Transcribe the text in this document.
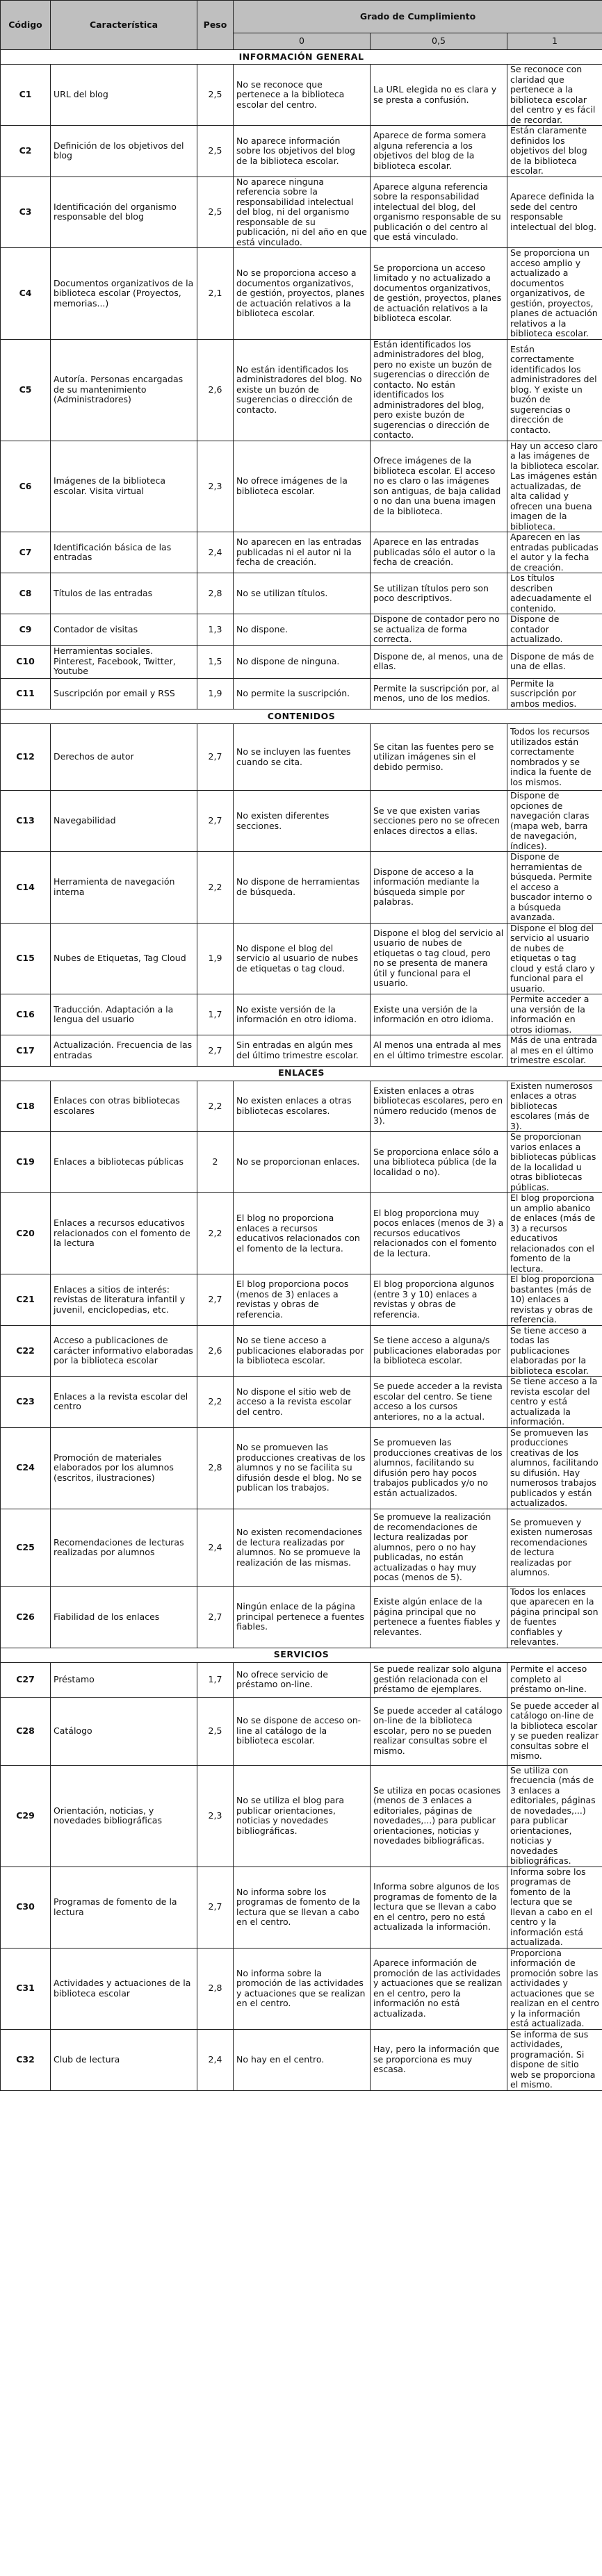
Código	Característica	Peso	Grado de Cumplimiento		
			0	0,5	1
INFORMACIÓN GENERAL					
C1	URL del blog	2,5	No se reconoce que pertenece a la biblioteca escolar del centro.	La URL elegida no es clara y se presta a confusión.	Se reconoce con claridad que pertenece a la biblioteca escolar del centro y es fácil de recordar.
C2	Definición de los objetivos del blog	2,5	No aparece información sobre los objetivos del blog de la biblioteca escolar.	Aparece de forma somera alguna referencia a los objetivos del blog de la biblioteca escolar.	Están claramente definidos los objetivos del blog de la biblioteca escolar.
C3	Identificación del organismo responsable del blog	2,5	No aparece ninguna referencia sobre la responsabilidad intelectual del blog, ni del organismo responsable de su publicación, ni del año en que está vinculado.	Aparece alguna referencia sobre la responsabilidad intelectual del blog, del organismo responsable de su publicación o del centro al que está vinculado.	Aparece definida la sede del centro responsable intelectual del blog.
C4	Documentos organizativos de la biblioteca escolar (Proyectos, memorias...)	2,1	No se proporciona acceso a documentos organizativos, de gestión, proyectos, planes de actuación relativos a la biblioteca escolar.	Se proporciona un acceso limitado y no actualizado a documentos organizativos, de gestión, proyectos, planes de actuación relativos a la biblioteca escolar.	Se proporciona un acceso amplio y actualizado a documentos organizativos, de gestión, proyectos, planes de actuación relativos a la biblioteca escolar.
C5	Autoría. Personas encargadas de su mantenimiento (Administradores)	2,6	No están identificados los administradores del blog. No existe un buzón de sugerencias o dirección de contacto.	Están identificados los administradores del blog, pero no existe un buzón de sugerencias o dirección de contacto. No están identificados los administradores del blog, pero existe buzón de sugerencias o dirección de contacto.	Están correctamente identificados los administradores del blog. Y existe un buzón de sugerencias o dirección de contacto.
C6	Imágenes de la biblioteca escolar. Visita virtual	2,3	No ofrece imágenes de la biblioteca escolar.	Ofrece imágenes de la biblioteca escolar. El acceso no es claro o las imágenes son antiguas, de baja calidad o no dan una buena imagen de la biblioteca.	Hay un acceso claro a las imágenes de la biblioteca escolar. Las imágenes están actualizadas, de alta calidad y ofrecen una buena imagen de la biblioteca.
C7	Identificación básica de las entradas	2,4	No aparecen en las entradas publicadas ni el autor ni la fecha de creación.	Aparece en las entradas publicadas sólo el autor o la fecha de creación.	Aparecen en las entradas publicadas el autor y la fecha de creación.
C8	Títulos de las entradas	2,8	No se utilizan títulos.	Se utilizan títulos pero son poco descriptivos.	Los títulos describen adecuadamente el contenido.
C9	Contador de visitas	1,3	No dispone.	Dispone de contador pero no se actualiza de forma correcta.	Dispone de contador actualizado.
C10	Herramientas sociales. Pinterest, Facebook, Twitter, Youtube	1,5	No dispone de ninguna.	Dispone de, al menos, una de ellas.	Dispone de más de una de ellas.
C11	Suscripción por email y RSS	1,9	No permite la suscripción.	Permite la suscripción por, al menos, uno de los medios.	Permite la suscripción por ambos medios.
CONTENIDOS					
C12	Derechos de autor	2,7	No se incluyen las fuentes cuando se cita.	Se citan las fuentes pero se utilizan imágenes sin el debido permiso.	Todos los recursos utilizados están correctamente nombrados y se indica la fuente de los mismos.
C13	Navegabilidad	2,7	No existen diferentes secciones.	Se ve que existen varias secciones pero no se ofrecen enlaces directos a ellas.	Dispone de opciones de navegación claras (mapa web, barra de navegación, índices).
C14	Herramienta de navegación interna	2,2	No dispone de herramientas de búsqueda.	Dispone de acceso a la información mediante la búsqueda simple por palabras.	Dispone de herramientas de búsqueda. Permite el acceso a buscador interno o a búsqueda avanzada.
C15	Nubes de Etiquetas, Tag Cloud	1,9	No dispone el blog del servicio al usuario de nubes de etiquetas o tag cloud.	Dispone el blog del servicio al usuario de nubes de etiquetas o tag cloud, pero no se presenta de manera útil y funcional para el usuario.	Dispone el blog del servicio al usuario de nubes de etiquetas o tag cloud y está claro y funcional para el usuario.
C16	Traducción. Adaptación a la lengua del usuario	1,7	No existe versión de la información en otro idioma.	Existe una versión de la información en otro idioma.	Permite acceder a una versión de la información en otros idiomas.
C17	Actualización. Frecuencia de las entradas	2,7	Sin entradas en algún mes del último trimestre escolar.	Al menos una entrada al mes en el último trimestre escolar.	Más de una entrada al mes en el último trimestre escolar.
ENLACES					
C18	Enlaces con otras bibliotecas escolares	2,2	No existen enlaces a otras bibliotecas escolares.	Existen enlaces a otras bibliotecas escolares, pero en número reducido (menos de 3).	Existen numerosos enlaces a otras bibliotecas escolares (más de 3).
C19	Enlaces a bibliotecas públicas	2	No se proporcionan enlaces.	Se proporciona enlace sólo a una biblioteca pública (de la localidad o no).	Se proporcionan varios enlaces a bibliotecas públicas de la localidad u otras bibliotecas públicas.
C20	Enlaces a recursos educativos relacionados con el fomento de la lectura	2,2	El blog no proporciona enlaces a recursos educativos relacionados con el fomento de la lectura.	El blog proporciona muy pocos enlaces (menos de 3) a recursos educativos relacionados con el fomento de la lectura.	El blog proporciona un amplio abanico de enlaces (más de 3) a recursos educativos relacionados con el fomento de la lectura.
C21	Enlaces a sitios de interés: revistas de literatura infantil y juvenil, enciclopedias, etc.	2,7	El blog proporciona pocos (menos de 3) enlaces a revistas y obras de referencia.	El blog proporciona algunos (entre 3 y 10) enlaces a revistas y obras de referencia.	El blog proporciona bastantes (más de 10) enlaces a revistas y obras de referencia.
C22	Acceso a publicaciones de carácter informativo elaboradas por la biblioteca escolar	2,6	No se tiene acceso a publicaciones elaboradas por la biblioteca escolar.	Se tiene acceso a alguna/s publicaciones elaboradas por la biblioteca escolar.	Se tiene acceso a todas las publicaciones elaboradas por la biblioteca escolar.
C23	Enlaces a la revista escolar del centro	2,2	No dispone el sitio web de acceso a la revista escolar del centro.	Se puede acceder a la revista escolar del centro. Se tiene acceso a los cursos anteriores, no a la actual.	Se tiene acceso a la revista escolar del centro y está actualizada la información.
C24	Promoción de materiales elaborados por los alumnos (escritos, ilustraciones)	2,8	No se promueven las producciones creativas de los alumnos y no se facilita su difusión desde el blog. No se publican los trabajos.	Se promueven las producciones creativas de los alumnos, facilitando su difusión pero hay pocos trabajos publicados y/o no están actualizados.	Se promueven las producciones creativas de los alumnos, facilitando su difusión. Hay numerosos trabajos publicados y están actualizados.
C25	Recomendaciones de lecturas realizadas por alumnos	2,4	No existen recomendaciones de lectura realizadas por alumnos. No se promueve la realización de las mismas.	Se promueve la realización de recomendaciones de lectura realizadas por alumnos, pero o no hay publicadas, no están actualizadas o hay muy pocas (menos de 5).	Se promueven y existen numerosas recomendaciones de lectura realizadas por alumnos.
C26	Fiabilidad de los enlaces	2,7	Ningún enlace de la página principal pertenece a fuentes fiables.	Existe algún enlace de la página principal que no pertenece a fuentes fiables y relevantes.	Todos los enlaces que aparecen en la página principal son de fuentes confiables y relevantes.
SERVICIOS					
C27	Préstamo	1,7	No ofrece servicio de préstamo on-line.	Se puede realizar solo alguna gestión relacionada con el préstamo de ejemplares.	Permite el acceso completo al préstamo on-line.
C28	Catálogo	2,5	No se dispone de acceso on-line al catálogo de la biblioteca escolar.	Se puede acceder al catálogo on-line de la biblioteca escolar, pero no se pueden realizar consultas sobre el mismo.	Se puede acceder al catálogo on-line de la biblioteca escolar y se pueden realizar consultas sobre el mismo.
C29	Orientación, noticias, y novedades bibliográficas	2,3	No se utiliza el blog para publicar orientaciones, noticias y novedades bibliográficas.	Se utiliza en pocas ocasiones (menos de 3 enlaces a editoriales, páginas de novedades,...) para publicar orientaciones, noticias y novedades bibliográficas.	Se utiliza con frecuencia (más de 3 enlaces a editoriales, páginas de novedades,...) para publicar orientaciones, noticias y novedades bibliográficas.
C30	Programas de fomento de la lectura	2,7	No informa sobre los programas de fomento de la lectura que se llevan a cabo en el centro.	Informa sobre algunos de los programas de fomento de la lectura que se llevan a cabo en el centro, pero no está actualizada la información.	Informa sobre los programas de fomento de la lectura que se llevan a cabo en el centro y la información está actualizada.
C31	Actividades y actuaciones de la biblioteca escolar	2,8	No informa sobre la promoción de las actividades y actuaciones que se realizan en el centro.	Aparece información de promoción de las actividades y actuaciones que se realizan en el centro, pero la información no está actualizada.	Proporciona información de promoción sobre las actividades y actuaciones que se realizan en el centro y la información está actualizada.
C32	Club de lectura	2,4	No hay en el centro.	Hay, pero la información que se proporciona es muy escasa.	Se informa de sus actividades, programación. Si dispone de sitio web se proporciona el mismo.
